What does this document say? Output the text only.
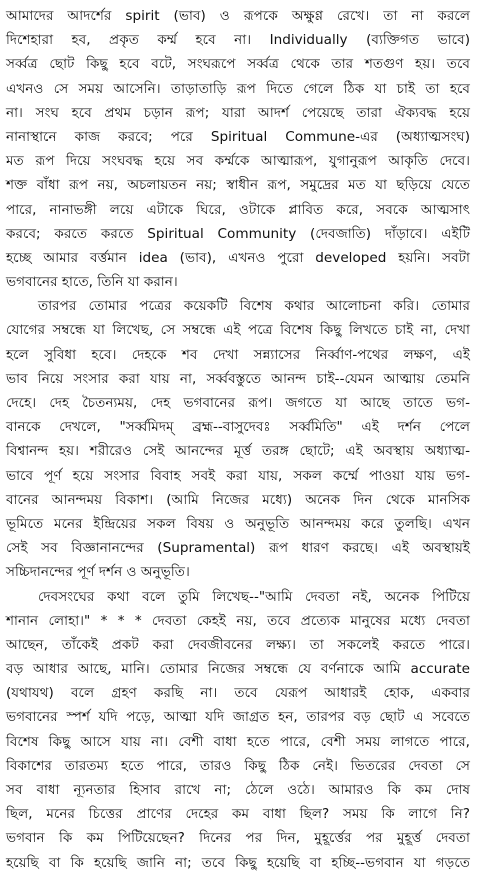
আমাদের আদর্শের spirit (ভাব) ও রূপকে অক্ষুণ্ণ রেখে। তা না করলে
দিশেহারা হব, প্রকৃত কর্ম্ম হবে না। Individually (ব্যক্তিগত ভাবে)
সর্ব্বত্র ছোট কিছু হবে বটে, সংঘরূপে সর্ব্বত্র থেকে তার শতগুণ হয়। তবে
এখনও সে সময় আসেনি। তাড়াতাড়ি রূপ দিতে গেলে ঠিক যা চাই তা হবে
না। সংঘ হবে প্রথম চড়ান রূপ; যারা আদর্শ পেয়েছে তারা ঐক্যবদ্ধ হয়ে
নানাস্থানে কাজ করবে; পরে Spiritual Commune-এর (অধ্যাত্মসংঘ)
মত রূপ দিয়ে সংঘবদ্ধ হয়ে সব কর্ম্মকে আত্মারূপ, যুগানুরূপ আকৃতি দেবে।
শক্ত বাঁধা রূপ নয়, অচলায়তন নয়; স্বাধীন রূপ, সমুদ্রের মত যা ছড়িয়ে যেতে
পারে, নানাভঙ্গী লয়ে এটাকে ঘিরে, ওটাকে প্লাবিত করে, সবকে আত্মসাৎ
করবে; করতে করতে Spiritual Community (দেবজাতি) দাঁড়াবে। এইটি
হচ্ছে আমার বর্ত্তমান idea (ভাব), এখনও পুরো developed হয়নি। সবটা
ভগবানের হাতে, তিনি যা করান।
তারপর তোমার পত্রের কয়েকটি বিশেষ কথার আলোচনা করি। তোমার
যোগের সম্বন্ধে যা লিখেছ, সে সম্বন্ধে এই পত্রে বিশেষ কিছু লিখতে চাই না, দেখা
হলে সুবিধা হবে। দেহকে শব দেখা সন্ন্যাসের নির্ব্বাণ-পথের লক্ষণ, এই
ভাব নিয়ে সংসার করা যায় না, সর্ব্ববস্তুতে আনন্দ চাই--যেমন আত্মায় তেমনি
দেহে। দেহ চৈতন্যময়, দেহ ভগবানের রূপ। জগতে যা আছে তাতে ভগ-
বানকে দেখলে, "সর্ব্বমিদম্ ব্রহ্ম--বাসুদেবঃ সর্ব্বমিতি" এই দর্শন পেলে
বিশ্বানন্দ হয়। শরীরেও সেই আনন্দের মূর্ত্ত তরঙ্গ ছোটে; এই অবস্থায় অধ্যাত্ম-
ভাবে পূর্ণ হয়ে সংসার বিবাহ সবই করা যায়, সকল কর্ম্মে পাওয়া যায় ভগ-
বানের আনন্দময় বিকাশ। (আমি নিজের মধ্যে) অনেক দিন থেকে মানসিক
ভূমিতে মনের ইন্দ্রিয়ের সকল বিষয় ও অনুভূতি আনন্দময় করে তুলছি। এখন
সেই সব বিজ্ঞানানন্দের (Supramental) রূপ ধারণ করছে। এই অবস্থায়ই
সচ্চিদানন্দের পূর্ণ দর্শন ও অনুভূতি।
দেবসংঘের কথা বলে তুমি লিখেছ--"আমি দেবতা নই, অনেক পিটিয়ে
শানান লোহা।" * * * দেবতা কেহই নয়, তবে প্রত্যেক মানুষের মধ্যে দেবতা
আছেন, তাঁকেই প্রকট করা দেবজীবনের লক্ষ্য। তা সকলেই করতে পারে।
বড় আধার আছে, মানি। তোমার নিজের সম্বন্ধে যে বর্ণনাকে আমি accurate
(যথাযথ) বলে গ্রহণ করছি না। তবে যেরূপ আধারই হোক, একবার
ভগবানের স্পর্শ যদি পড়ে, আত্মা যদি জাগ্রত হন, তারপর বড় ছোট এ সবেতে
বিশেষ কিছু আসে যায় না। বেশী বাধা হতে পারে, বেশী সময় লাগতে পারে,
বিকাশের তারতম্য হতে পারে, তারও কিছু ঠিক নেই। ভিতরের দেবতা সে
সব বাধা ন্যূনতার হিসাব রাখে না; ঠেলে ওঠে। আমারও কি কম দোষ
ছিল, মনের চিত্তের প্রাণের দেহের কম বাধা ছিল? সময় কি লাগে নি?
ভগবান কি কম পিটিয়েছেন? দিনের পর দিন, মুহূর্ত্তের পর মুহূর্ত্ত দেবতা
হয়েছি বা কি হয়েছি জানি না; তবে কিছু হয়েছি বা হচ্ছি--ভগবান যা গড়তে
